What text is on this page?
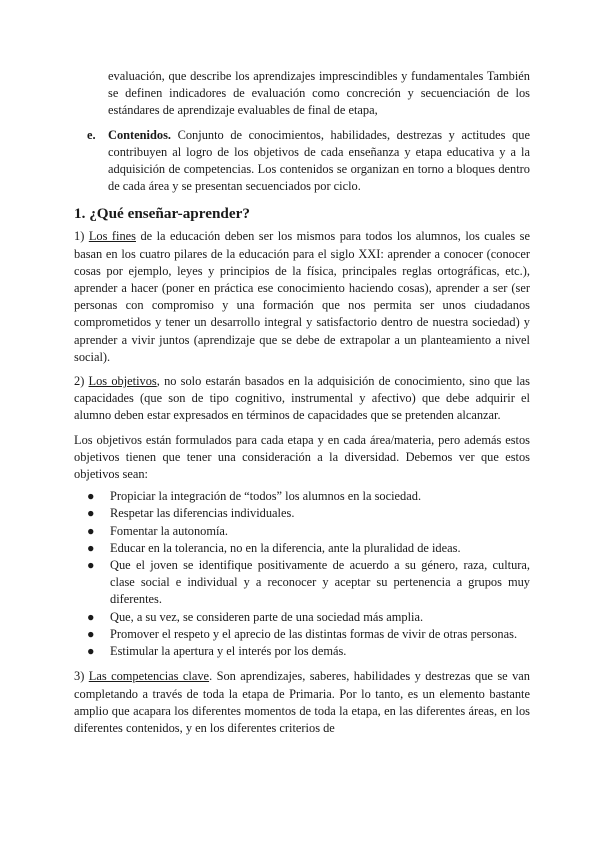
evaluación, que describe los aprendizajes imprescindibles y fundamentales También se definen indicadores de evaluación como concreción y secuenciación de los estándares de aprendizaje evaluables de final de etapa,

e. Contenidos. Conjunto de conocimientos, habilidades, destrezas y actitudes que contribuyen al logro de los objetivos de cada enseñanza y etapa educativa y a la adquisición de competencias. Los contenidos se organizan en torno a bloques dentro de cada área y se presentan secuenciados por ciclo.

1. ¿Qué enseñar-aprender?

1) Los fines de la educación deben ser los mismos para todos los alumnos, los cuales se basan en los cuatro pilares de la educación para el siglo XXI: aprender a conocer (conocer cosas por ejemplo, leyes y principios de la física, principales reglas ortográficas, etc.), aprender a hacer (poner en práctica ese conocimiento haciendo cosas), aprender a ser (ser personas con compromiso y una formación que nos permita ser unos ciudadanos comprometidos y tener un desarrollo integral y satisfactorio dentro de nuestra sociedad) y aprender a vivir juntos (aprendizaje que se debe de extrapolar a un planteamiento a nivel social).

2) Los objetivos, no solo estarán basados en la adquisición de conocimiento, sino que las capacidades (que son de tipo cognitivo, instrumental y afectivo) que debe adquirir el alumno deben estar expresados en términos de capacidades que se pretenden alcanzar.

Los objetivos están formulados para cada etapa y en cada área/materia, pero además estos objetivos tienen que tener una consideración a la diversidad. Debemos ver que estos objetivos sean:

● Propiciar la integración de “todos” los alumnos en la sociedad.
● Respetar las diferencias individuales.
● Fomentar la autonomía.
● Educar en la tolerancia, no en la diferencia, ante la pluralidad de ideas.
● Que el joven se identifique positivamente de acuerdo a su género, raza, cultura, clase social e individual y a reconocer y aceptar su pertenencia a grupos muy diferentes.
● Que, a su vez, se consideren parte de una sociedad más amplia.
● Promover el respeto y el aprecio de las distintas formas de vivir de otras personas.
● Estimular la apertura y el interés por los demás.

3) Las competencias clave. Son aprendizajes, saberes, habilidades y destrezas que se van completando a través de toda la etapa de Primaria. Por lo tanto, es un elemento bastante amplio que acapara los diferentes momentos de toda la etapa, en las diferentes áreas, en los diferentes contenidos, y en los diferentes criterios de
